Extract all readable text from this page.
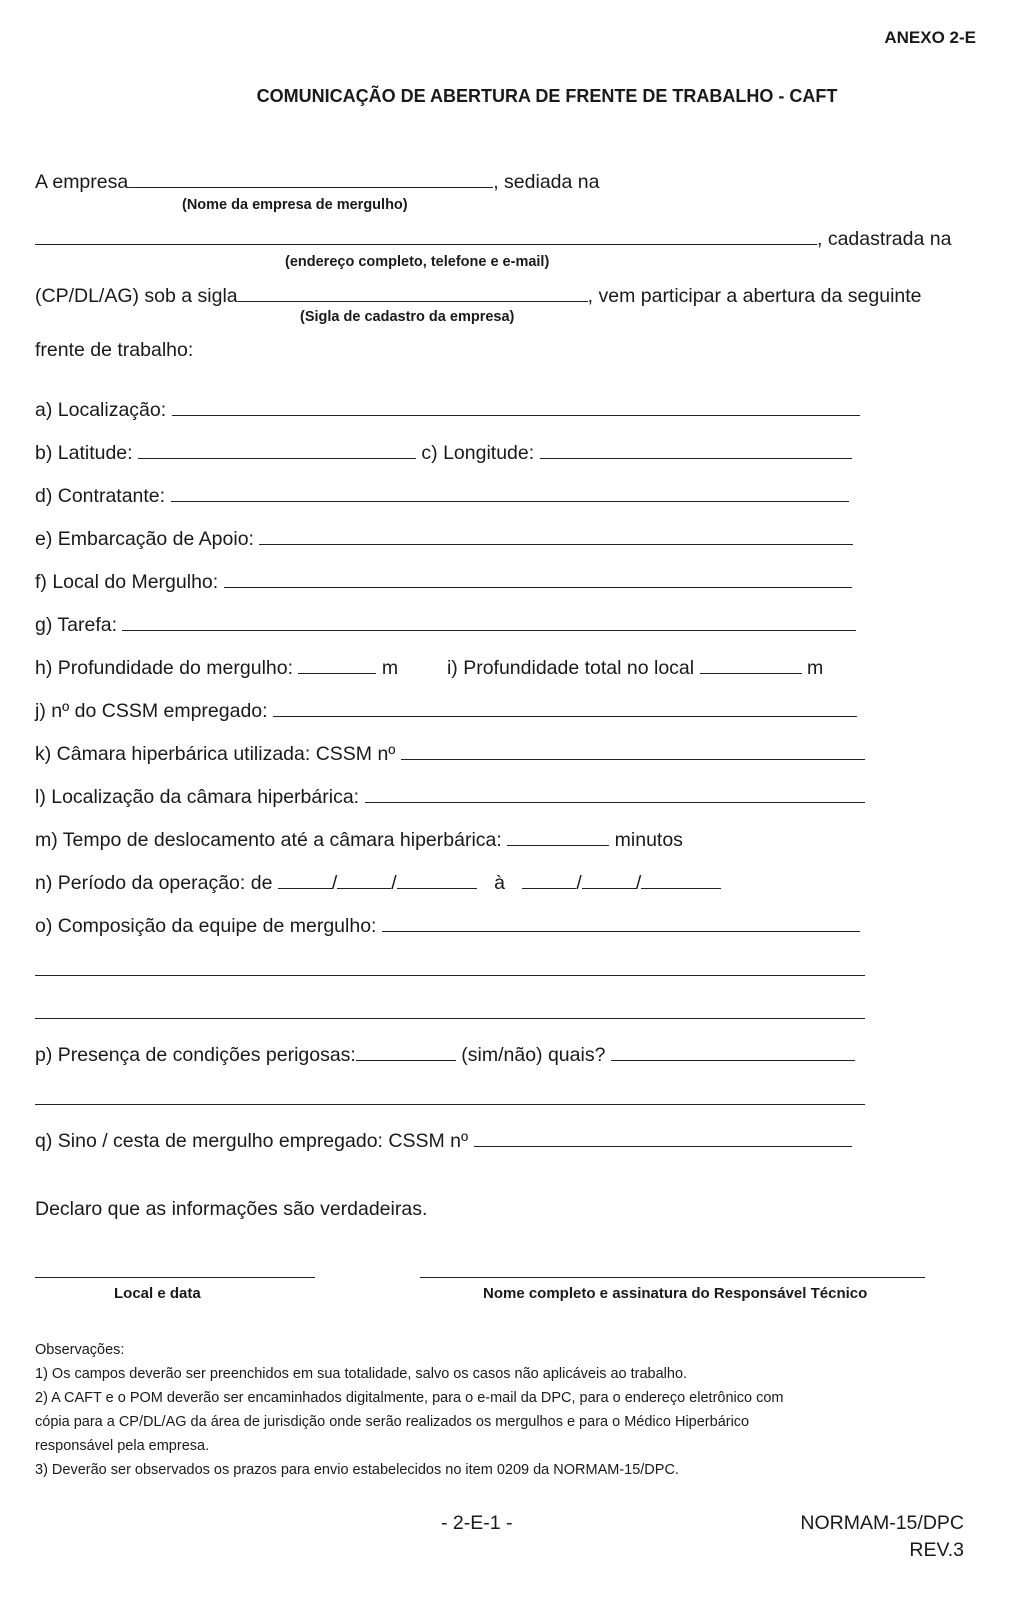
ANEXO 2-E
COMUNICAÇÃO DE ABERTURA DE FRENTE DE TRABALHO - CAFT
A empresa	, sediada na
(Nome da empresa de mergulho)
, cadastrada na
(endereço completo, telefone e e-mail)
(CP/DL/AG) sob a sigla	, vem participar a abertura da seguinte
(Sigla de cadastro da empresa)
frente de trabalho:
a) Localização:
b) Latitude:	c) Longitude:
d) Contratante:
e) Embarcação de Apoio:
f) Local do Mergulho:
g) Tarefa:
h) Profundidade do mergulho:	m	i) Profundidade total no local	m
j) nº do CSSM empregado:
k) Câmara hiperbárica utilizada: CSSM nº
l) Localização da câmara hiperbárica:
m) Tempo de deslocamento até a câmara hiperbárica:	minutos
n) Período da operação: de	/	/	à	/	/
o) Composição da equipe de mergulho:
p) Presença de condições perigosas:	(sim/não) quais?
q) Sino / cesta de mergulho empregado: CSSM nº
Declaro que as informações são verdadeiras.
Local e data	Nome completo e assinatura do Responsável Técnico
Observações:
1) Os campos deverão ser preenchidos em sua totalidade, salvo os casos não aplicáveis ao trabalho.
2) A CAFT e o POM deverão ser encaminhados digitalmente, para o e-mail da DPC, para o endereço eletrônico com
cópia para a CP/DL/AG da área de jurisdição onde serão realizados os mergulhos e para o Médico Hiperbárico
responsável pela empresa.
3) Deverão ser observados os prazos para envio estabelecidos no item 0209 da NORMAM-15/DPC.
- 2-E-1 -	NORMAM-15/DPC
REV.3
